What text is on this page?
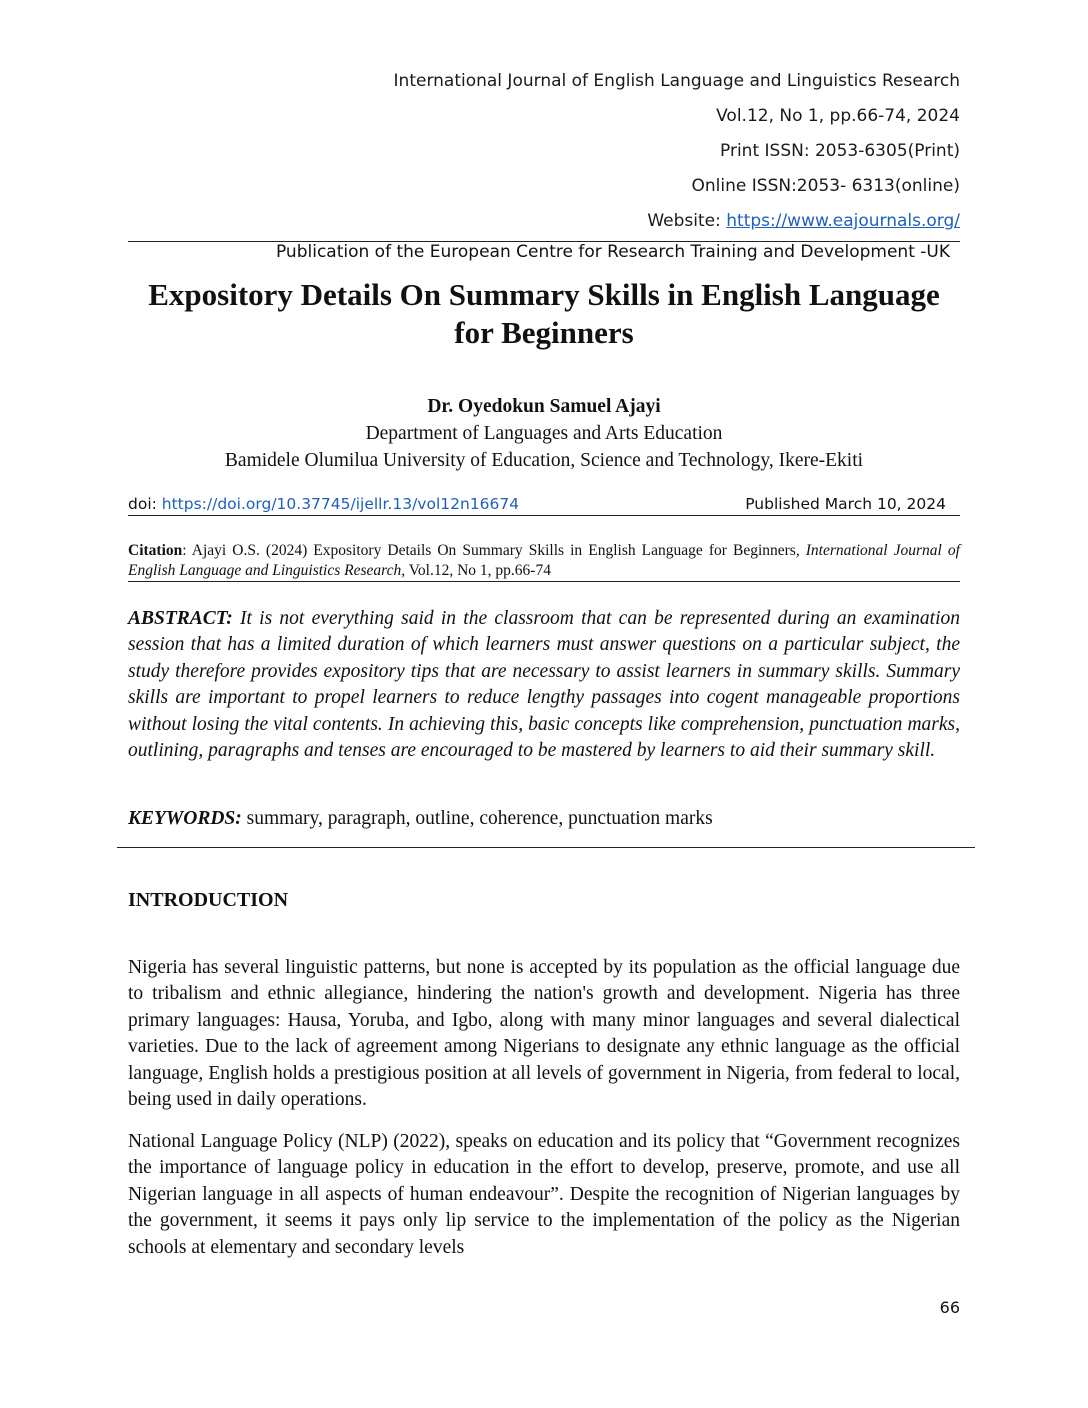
International Journal of English Language and Linguistics Research
Vol.12, No 1, pp.66-74, 2024
Print ISSN: 2053-6305(Print)
Online ISSN:2053- 6313(online)
Website: https://www.eajournals.org/
Publication of the European Centre for Research Training and Development -UK
Expository Details On Summary Skills in English Language
for Beginners
Dr. Oyedokun Samuel Ajayi
Department of Languages and Arts Education
Bamidele Olumilua University of Education, Science and Technology, Ikere-Ekiti
doi: https://doi.org/10.37745/ijellr.13/vol12n16674	Published March 10, 2024
Citation: Ajayi O.S. (2024) Expository Details On Summary Skills in English Language for Beginners, International Journal of English Language and Linguistics Research, Vol.12, No 1, pp.66-74
ABSTRACT: It is not everything said in the classroom that can be represented during an examination session that has a limited duration of which learners must answer questions on a particular subject, the study therefore provides expository tips that are necessary to assist learners in summary skills. Summary skills are important to propel learners to reduce lengthy passages into cogent manageable proportions without losing the vital contents. In achieving this, basic concepts like comprehension, punctuation marks, outlining, paragraphs and tenses are encouraged to be mastered by learners to aid their summary skill.
KEYWORDS: summary, paragraph, outline, coherence, punctuation marks
INTRODUCTION
Nigeria has several linguistic patterns, but none is accepted by its population as the official language due to tribalism and ethnic allegiance, hindering the nation's growth and development. Nigeria has three primary languages: Hausa, Yoruba, and Igbo, along with many minor languages and several dialectical varieties. Due to the lack of agreement among Nigerians to designate any ethnic language as the official language, English holds a prestigious position at all levels of government in Nigeria, from federal to local, being used in daily operations.
National Language Policy (NLP) (2022), speaks on education and its policy that “Government recognizes the importance of language policy in education in the effort to develop, preserve, promote, and use all Nigerian language in all aspects of human endeavour”. Despite the recognition of Nigerian languages by the government, it seems it pays only lip service to the implementation of the policy as the Nigerian schools at elementary and secondary levels
66
